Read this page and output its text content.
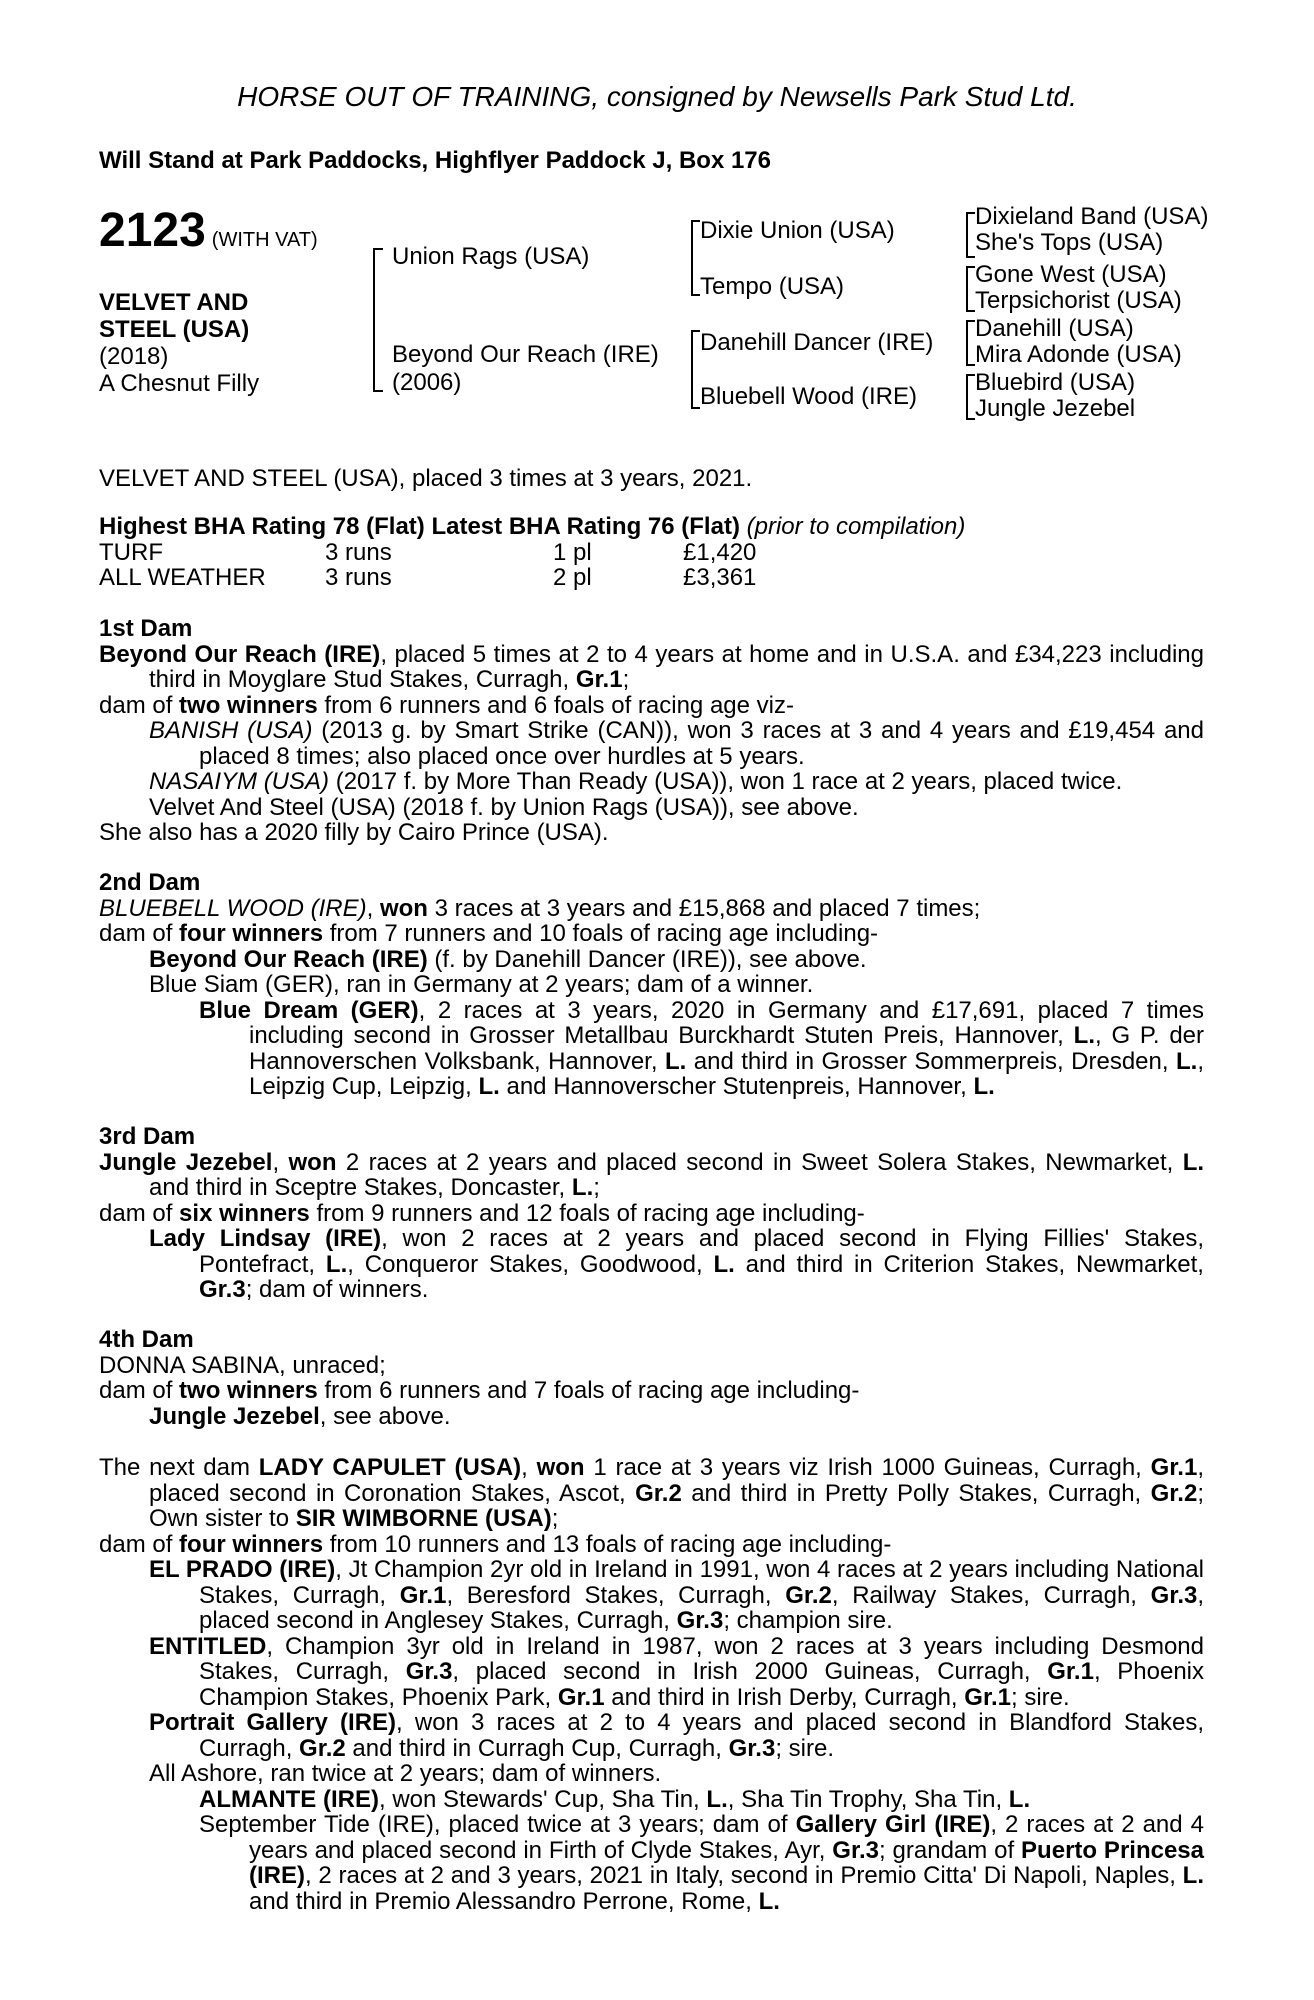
HORSE OUT OF TRAINING, consigned by Newsells Park Stud Ltd.
Will Stand at Park Paddocks, Highflyer Paddock J, Box 176
2123 (WITH VAT)
VELVET AND
STEEL (USA)
(2018)
A Chesnut Filly
Union Rags (USA)
Beyond Our Reach (IRE)
(2006)
Dixie Union (USA)
Tempo (USA)
Danehill Dancer (IRE)
Bluebell Wood (IRE)
Dixieland Band (USA)
She's Tops (USA)
Gone West (USA)
Terpsichorist (USA)
Danehill (USA)
Mira Adonde (USA)
Bluebird (USA)
Jungle Jezebel
VELVET AND STEEL (USA), placed 3 times at 3 years, 2021.
Highest BHA Rating 78 (Flat) Latest BHA Rating 76 (Flat) (prior to compilation)
TURF	3 runs	1 pl	£1,420
ALL WEATHER 3 runs	2 pl	£3,361

1st Dam

Beyond Our Reach (IRE), placed 5 times at 2 to 4 years at home and in U.S.A. and £34,223 including third in Moyglare Stud Stakes, Curragh, Gr.1;

dam of two winners from 6 runners and 6 foals of racing age viz-

BANISH (USA) (2013 g. by Smart Strike (CAN)), won 3 races at 3 and 4 years and £19,454 and placed 8 times; also placed once over hurdles at 5 years.

NASAIYM (USA) (2017 f. by More Than Ready (USA)), won 1 race at 2 years, placed twice.

Velvet And Steel (USA) (2018 f. by Union Rags (USA)), see above.

She also has a 2020 filly by Cairo Prince (USA).

2nd Dam

BLUEBELL WOOD (IRE), won 3 races at 3 years and £15,868 and placed 7 times;

dam of four winners from 7 runners and 10 foals of racing age including-

Beyond Our Reach (IRE) (f. by Danehill Dancer (IRE)), see above.

Blue Siam (GER), ran in Germany at 2 years; dam of a winner.

Blue Dream (GER), 2 races at 3 years, 2020 in Germany and £17,691, placed 7 times including second in Grosser Metallbau Burckhardt Stuten Preis, Hannover, L., G P. der Hannoverschen Volksbank, Hannover, L. and third in Grosser Sommerpreis, Dresden, L., Leipzig Cup, Leipzig, L. and Hannoverscher Stutenpreis, Hannover, L.

3rd Dam

Jungle Jezebel, won 2 races at 2 years and placed second in Sweet Solera Stakes, Newmarket, L. and third in Sceptre Stakes, Doncaster, L.;

dam of six winners from 9 runners and 12 foals of racing age including-

Lady Lindsay (IRE), won 2 races at 2 years and placed second in Flying Fillies' Stakes, Pontefract, L., Conqueror Stakes, Goodwood, L. and third in Criterion Stakes, Newmarket, Gr.3; dam of winners.

4th Dam

DONNA SABINA, unraced;

dam of two winners from 6 runners and 7 foals of racing age including-

Jungle Jezebel, see above.

The next dam LADY CAPULET (USA), won 1 race at 3 years viz Irish 1000 Guineas, Curragh, Gr.1, placed second in Coronation Stakes, Ascot, Gr.2 and third in Pretty Polly Stakes, Curragh, Gr.2; Own sister to SIR WIMBORNE (USA);

dam of four winners from 10 runners and 13 foals of racing age including-

EL PRADO (IRE), Jt Champion 2yr old in Ireland in 1991, won 4 races at 2 years including National Stakes, Curragh, Gr.1, Beresford Stakes, Curragh, Gr.2, Railway Stakes, Curragh, Gr.3, placed second in Anglesey Stakes, Curragh, Gr.3; champion sire.

ENTITLED, Champion 3yr old in Ireland in 1987, won 2 races at 3 years including Desmond Stakes, Curragh, Gr.3, placed second in Irish 2000 Guineas, Curragh, Gr.1, Phoenix Champion Stakes, Phoenix Park, Gr.1 and third in Irish Derby, Curragh, Gr.1; sire.

Portrait Gallery (IRE), won 3 races at 2 to 4 years and placed second in Blandford Stakes, Curragh, Gr.2 and third in Curragh Cup, Curragh, Gr.3; sire.

All Ashore, ran twice at 2 years; dam of winners.

ALMANTE (IRE), won Stewards' Cup, Sha Tin, L., Sha Tin Trophy, Sha Tin, L.

September Tide (IRE), placed twice at 3 years; dam of Gallery Girl (IRE), 2 races at 2 and 4 years and placed second in Firth of Clyde Stakes, Ayr, Gr.3; grandam of Puerto Princesa (IRE), 2 races at 2 and 3 years, 2021 in Italy, second in Premio Citta' Di Napoli, Naples, L. and third in Premio Alessandro Perrone, Rome, L.
